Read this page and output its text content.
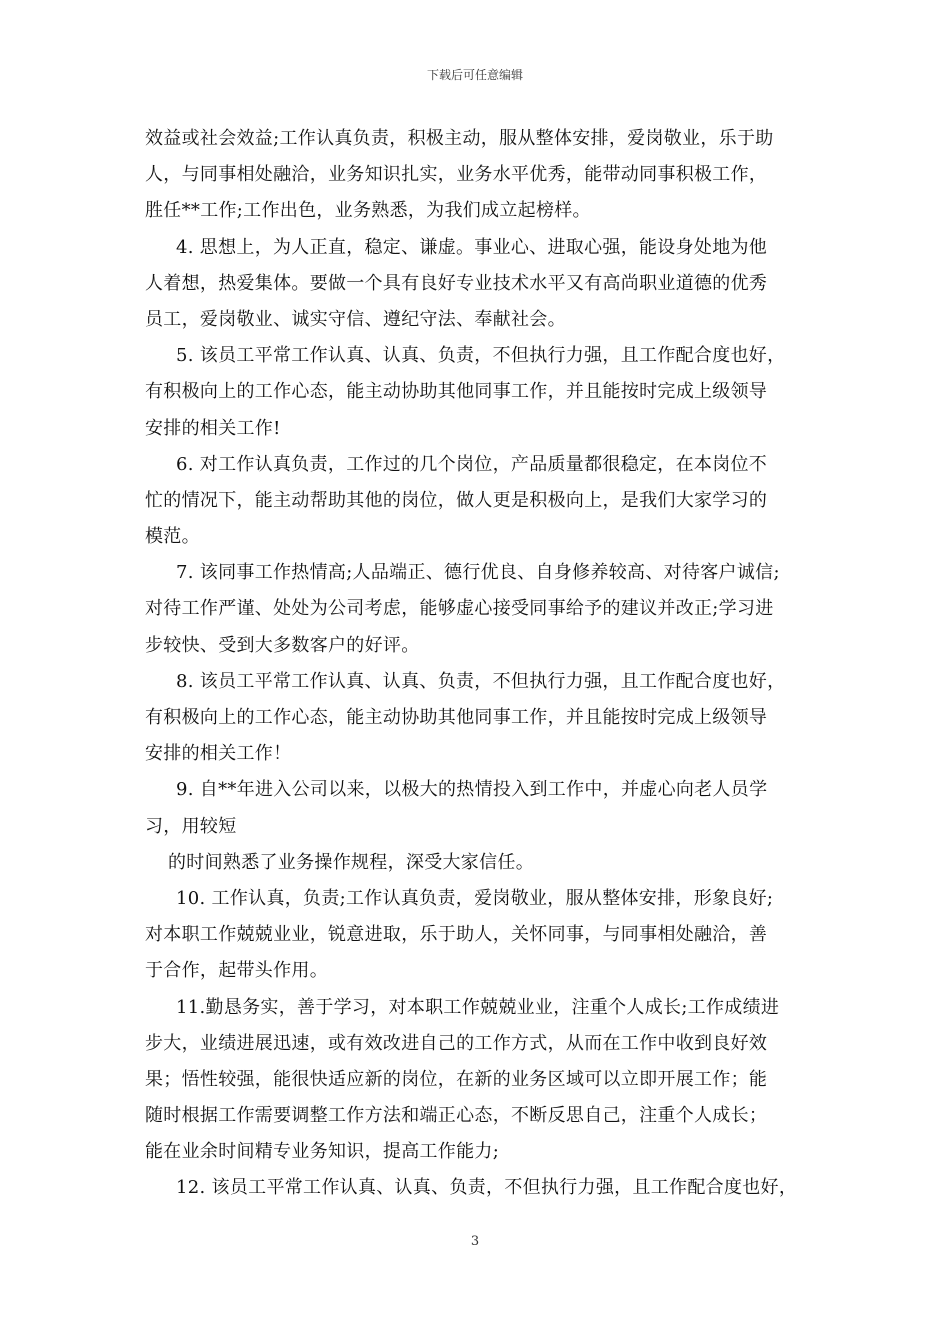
下载后可任意编辑
效益或社会效益;工作认真负责，积极主动，服从整体安排，爱岗敬业，乐于助
人，与同事相处融洽，业务知识扎实，业务水平优秀，能带动同事积极工作，
胜任**工作;工作出色，业务熟悉，为我们成立起榜样。
4. 思想上，为人正直，稳定、谦虚。事业心、进取心强，能设身处地为他
人着想，热爱集体。要做一个具有良好专业技术水平又有高尚职业道德的优秀
员工，爱岗敬业、诚实守信、遵纪守法、奉献社会。
5. 该员工平常工作认真、认真、负责，不但执行力强，且工作配合度也好，
有积极向上的工作心态，能主动协助其他同事工作，并且能按时完成上级领导
安排的相关工作!
6. 对工作认真负责，工作过的几个岗位，产品质量都很稳定，在本岗位不
忙的情况下，能主动帮助其他的岗位，做人更是积极向上，是我们大家学习的
模范。
7. 该同事工作热情高;人品端正、德行优良、自身修养较高、对待客户诚信;
对待工作严谨、处处为公司考虑，能够虚心接受同事给予的建议并改正;学习进
步较快、受到大多数客户的好评。
8. 该员工平常工作认真、认真、负责，不但执行力强，且工作配合度也好，
有积极向上的工作心态，能主动协助其他同事工作，并且能按时完成上级领导
安排的相关工作！
9. 自**年进入公司以来，以极大的热情投入到工作中，并虚心向老人员学
习，用较短
的时间熟悉了业务操作规程，深受大家信任。
10. 工作认真，负责;工作认真负责，爱岗敬业，服从整体安排，形象良好;
对本职工作兢兢业业，锐意进取，乐于助人，关怀同事，与同事相处融洽，善
于合作，起带头作用。
11.勤恳务实，善于学习，对本职工作兢兢业业，注重个人成长;工作成绩进
步大，业绩进展迅速，或有效改进自己的工作方式，从而在工作中收到良好效
果；悟性较强，能很快适应新的岗位，在新的业务区域可以立即开展工作；能
随时根据工作需要调整工作方法和端正心态，不断反思自己，注重个人成长；
能在业余时间精专业务知识，提高工作能力;
12. 该员工平常工作认真、认真、负责，不但执行力强，且工作配合度也好，
3
